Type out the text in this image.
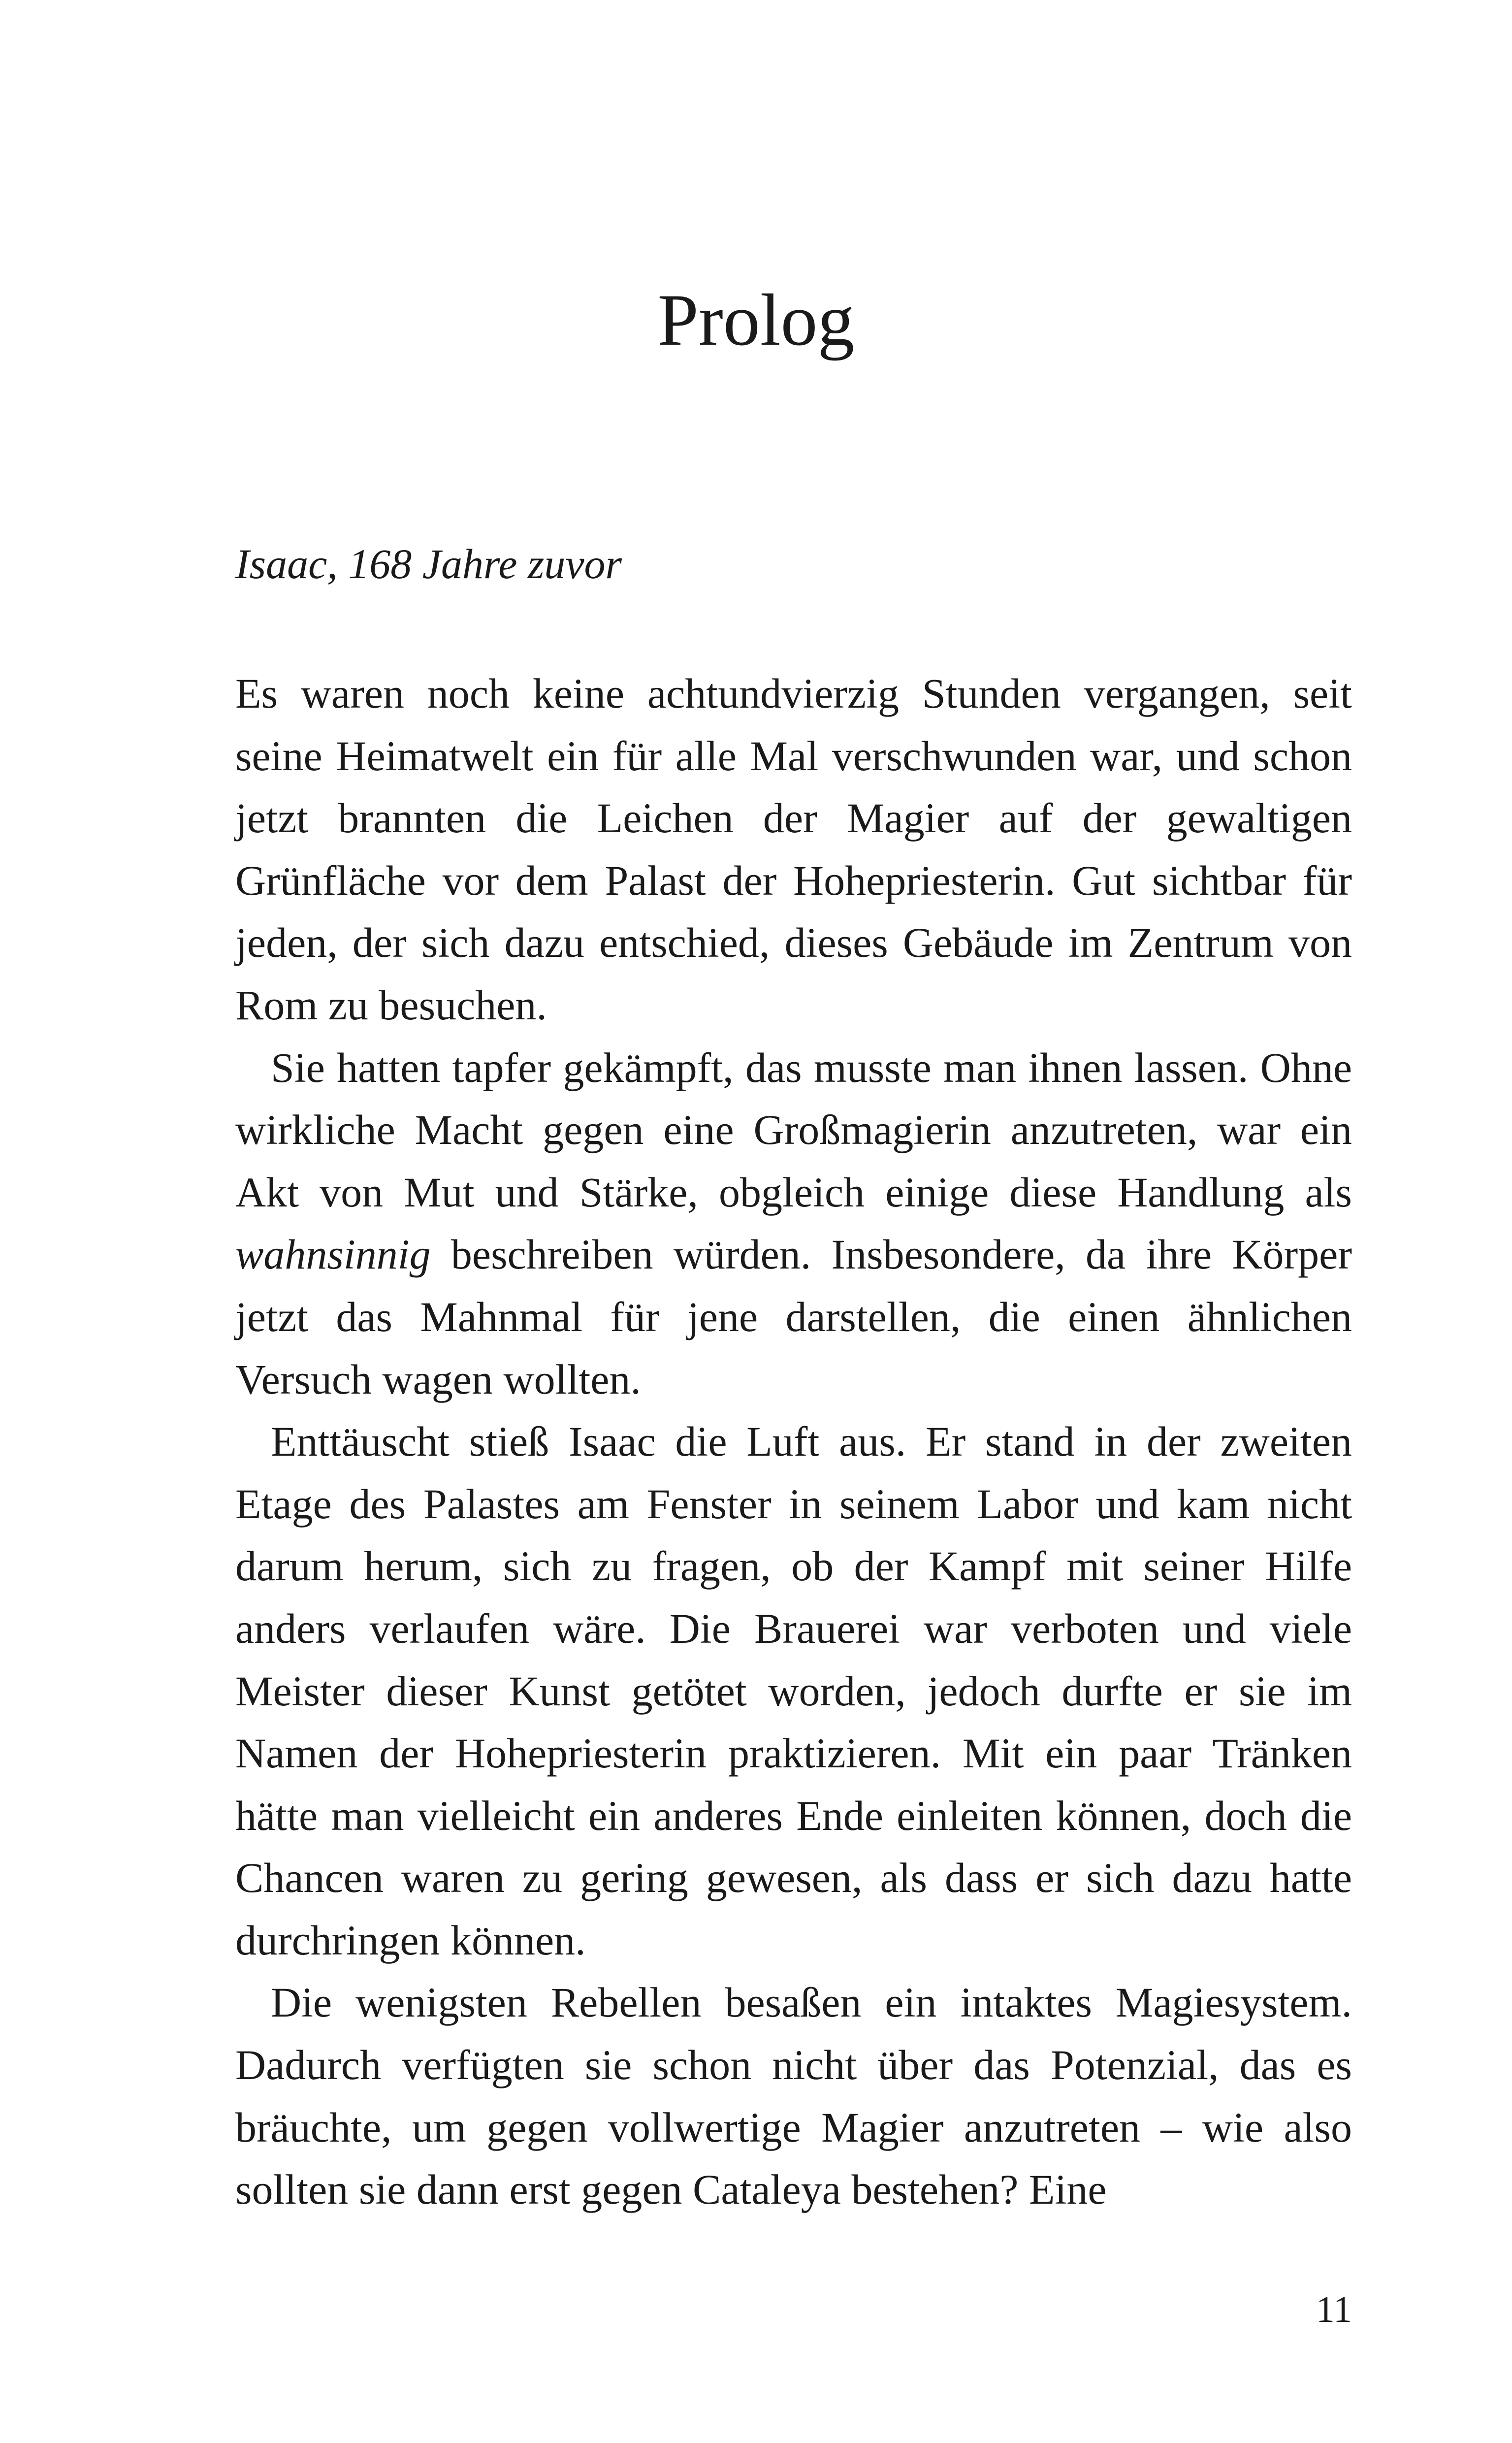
Prolog

Isaac, 168 Jahre zuvor

Es waren noch keine achtundvierzig Stunden vergangen, seit seine Heimatwelt ein für alle Mal verschwunden war, und schon jetzt brannten die Leichen der Magier auf der gewaltigen Grünfläche vor dem Palast der Hohepriesterin. Gut sichtbar für jeden, der sich dazu entschied, dieses Gebäude im Zentrum von Rom zu besuchen.

Sie hatten tapfer gekämpft, das musste man ihnen lassen. Ohne wirkliche Macht gegen eine Großmagierin anzutreten, war ein Akt von Mut und Stärke, obgleich einige diese Handlung als wahnsinnig beschreiben würden. Insbesondere, da ihre Körper jetzt das Mahnmal für jene darstellen, die einen ähnlichen Versuch wagen wollten.

Enttäuscht stieß Isaac die Luft aus. Er stand in der zweiten Etage des Palastes am Fenster in seinem Labor und kam nicht darum herum, sich zu fragen, ob der Kampf mit seiner Hilfe anders verlaufen wäre. Die Brauerei war verboten und viele Meister dieser Kunst getötet worden, jedoch durfte er sie im Namen der Hohepriesterin praktizieren. Mit ein paar Tränken hätte man vielleicht ein anderes Ende einleiten können, doch die Chancen waren zu gering gewesen, als dass er sich dazu hatte durchringen können.

Die wenigsten Rebellen besaßen ein intaktes Magiesystem. Dadurch verfügten sie schon nicht über das Potenzial, das es bräuchte, um gegen vollwertige Magier anzutreten – wie also sollten sie dann erst gegen Cataleya bestehen? Eine

11
